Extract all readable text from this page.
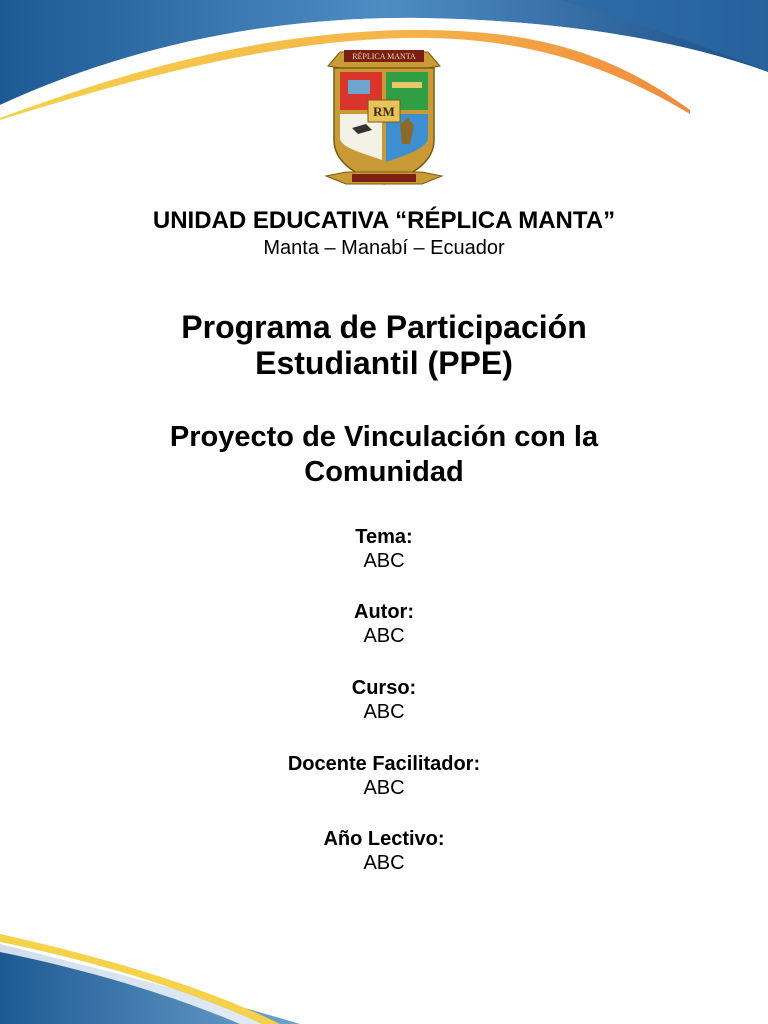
RÉPLICA MANTA
RM
UNIDAD EDUCATIVA “RÉPLICA MANTA”
Manta – Manabí – Ecuador
Programa de Participación
Estudiantil (PPE)
Proyecto de Vinculación con la
Comunidad
Tema:
ABC
Autor:
ABC
Curso:
ABC
Docente Facilitador:
ABC
Año Lectivo:
ABC
